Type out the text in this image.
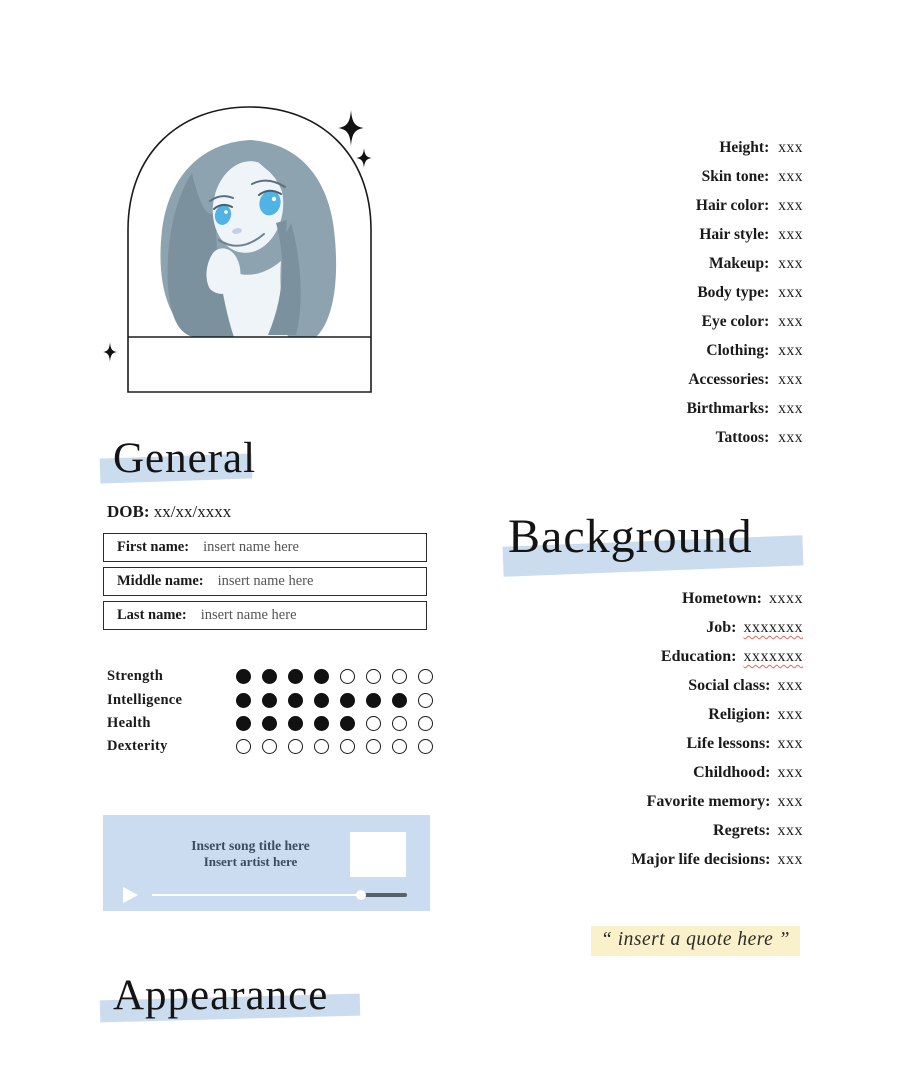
Height: xxx
Skin tone: xxx
Hair color: xxx
Hair style: xxx
Makeup: xxx
Body type: xxx
Eye color: xxx
Clothing: xxx
Accessories: xxx
Birthmarks: xxx
Tattoos: xxx
General
DOB: xx/xx/xxxx
First name: insert name here
Middle name: insert name here
Last name: insert name here
Strength
Intelligence
Health
Dexterity
Insert song title here
Insert artist here
Background
Hometown: xxxx
Job: xxxxxxx
Education: xxxxxxx
Social class: xxx
Religion: xxx
Life lessons: xxx
Childhood: xxx
Favorite memory: xxx
Regrets: xxx
Major life decisions: xxx
“ insert a quote here ”
Appearance
